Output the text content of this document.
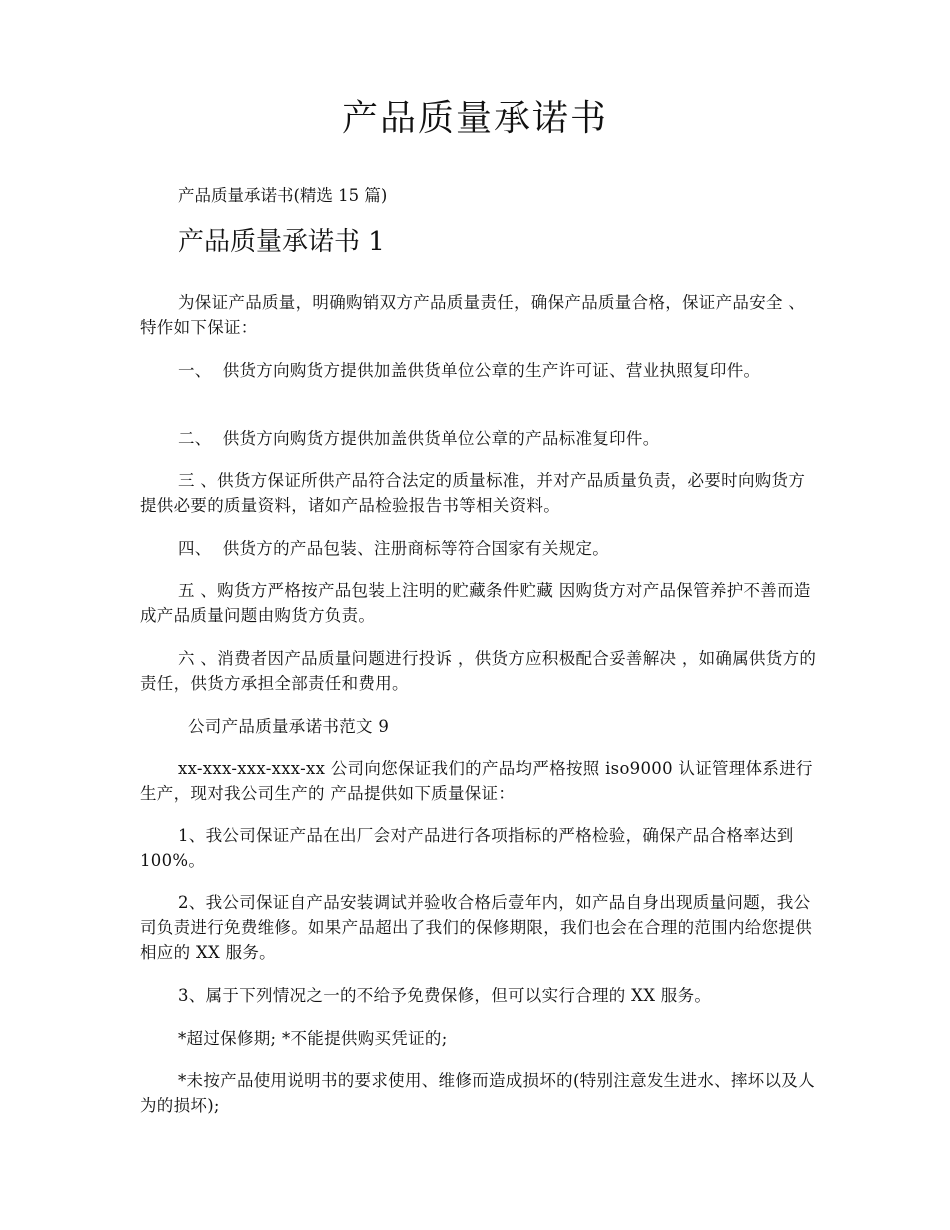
产品质量承诺书
产品质量承诺书(精选 15 篇)
产品质量承诺书 1
为保证产品质量，明确购销双方产品质量责任，确保产品质量合格，保证产品安全 、特作如下保证：
一、  供货方向购货方提供加盖供货单位公章的生产许可证、营业执照复印件。
二、  供货方向购货方提供加盖供货单位公章的产品标准复印件。
三 、供货方保证所供产品符合法定的质量标准，并对产品质量负责，必要时向购货方提供必要的质量资料，诸如产品检验报告书等相关资料。
四、  供货方的产品包装、注册商标等符合国家有关规定。
五 、购货方严格按产品包装上注明的贮藏条件贮藏 因购货方对产品保管养护不善而造成产品质量问题由购货方负责。
六 、消费者因产品质量问题进行投诉 ，供货方应积极配合妥善解决 ，如确属供货方的责任，供货方承担全部责任和费用。
公司产品质量承诺书范文 9
xx-xxx-xxx-xxx-xx 公司向您保证我们的产品均严格按照 iso9000 认证管理体系进行生产，现对我公司生产的 产品提供如下质量保证：
1、我公司保证产品在出厂会对产品进行各项指标的严格检验，确保产品合格率达到 100%。
2、我公司保证自产品安装调试并验收合格后壹年内，如产品自身出现质量问题，我公司负责进行免费维修。如果产品超出了我们的保修期限，我们也会在合理的范围内给您提供相应的 XX 服务。
3、属于下列情况之一的不给予免费保修，但可以实行合理的 XX 服务。
*超过保修期; *不能提供购买凭证的;
*未按产品使用说明书的要求使用、维修而造成损坏的(特别注意发生进水、摔坏以及人为的损坏);
